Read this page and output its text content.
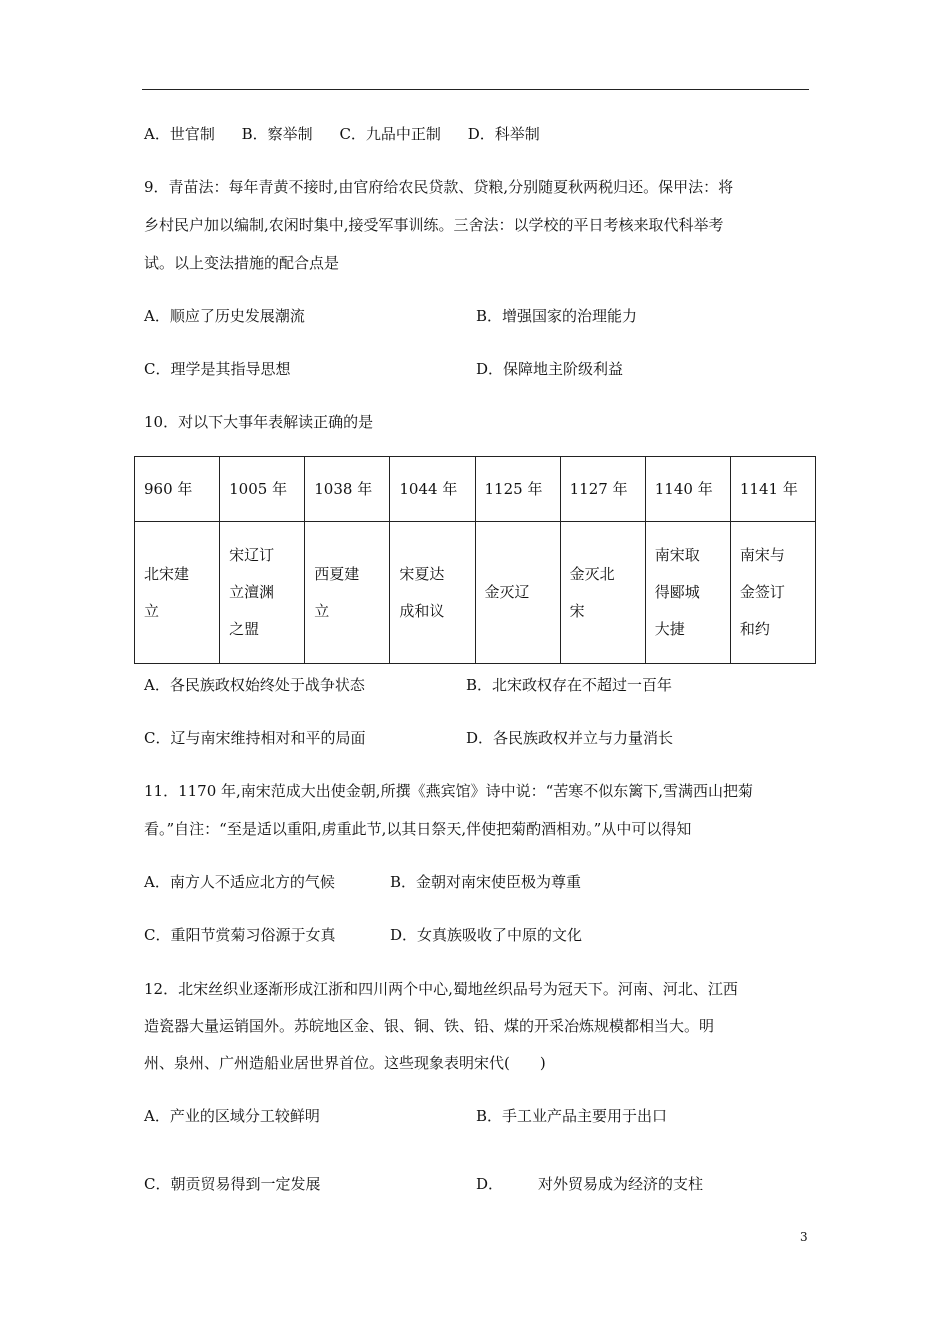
A．世官制 B．察举制 C．九品中正制 D．科举制
9．青苗法：每年青黄不接时,由官府给农民贷款、贷粮,分别随夏秋两税归还。保甲法：将
乡村民户加以编制,农闲时集中,接受军事训练。三舍法：以学校的平日考核来取代科举考
试。以上变法措施的配合点是
A．顺应了历史发展潮流	B．增强国家的治理能力
C．理学是其指导思想	D．保障地主阶级利益
10．对以下大事年表解读正确的是
960 年	1005 年	1038 年	1044 年	1125 年	1127 年	1140 年	1141 年

北宋建立	宋辽订立澶渊之盟	西夏建立	宋夏达成和议	金灭辽	金灭北宋	南宋取得郾城大捷	南宋与金签订和约
A．各民族政权始终处于战争状态	B．北宋政权存在不超过一百年
C．辽与南宋维持相对和平的局面	D．各民族政权并立与力量消长
11．1170 年,南宋范成大出使金朝,所撰《燕宾馆》诗中说：“苦寒不似东篱下,雪满西山把菊
看。”自注：“至是适以重阳,虏重此节,以其日祭天,伴使把菊酌酒相劝。”从中可以得知
A．南方人不适应北方的气候	B．金朝对南宋使臣极为尊重
C．重阳节赏菊习俗源于女真	D．女真族吸收了中原的文化
12．北宋丝织业逐渐形成江浙和四川两个中心,蜀地丝织品号为冠天下。河南、河北、江西
造瓷器大量运销国外。苏皖地区金、银、铜、铁、铅、煤的开采冶炼规模都相当大。明
州、泉州、广州造船业居世界首位。这些现象表明宋代(　　)
A．产业的区域分工较鲜明	B．手工业产品主要用于出口
C．朝贡贸易得到一定发展	D． 对外贸易成为经济的支柱
3
